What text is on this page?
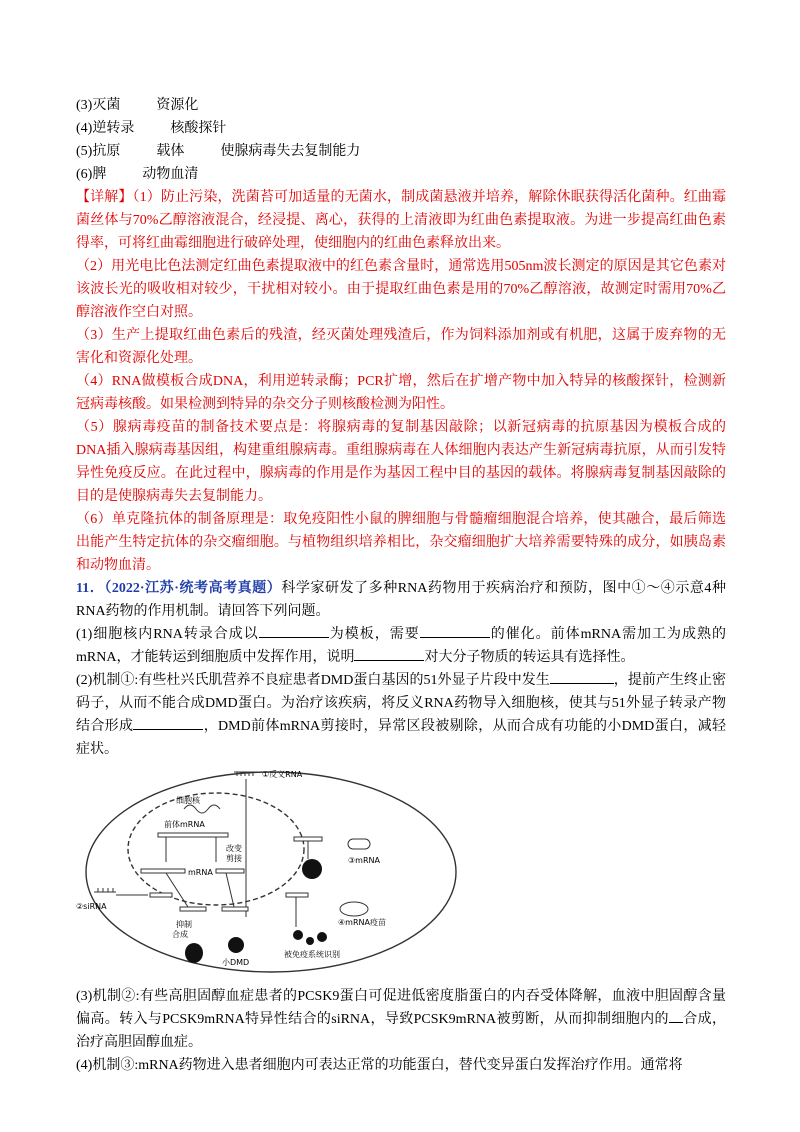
(3)灭菌	资源化
(4)逆转录	核酸探针
(5)抗原	载体	使腺病毒失去复制能力
(6)脾	动物血清

【详解】（1）防止污染，洗菌苔可加适量的无菌水，制成菌悬液并培养，解除休眠获得活化菌种。红曲霉菌丝体与70%乙醇溶液混合，经浸提、离心，获得的上清液即为红曲色素提取液。为进一步提高红曲色素得率，可将红曲霉细胞进行破碎处理，使细胞内的红曲色素释放出来。

（2）用光电比色法测定红曲色素提取液中的红色素含量时，通常选用505nm波长测定的原因是其它色素对该波长光的吸收相对较少，干扰相对较小。由于提取红曲色素是用的70%乙醇溶液，故测定时需用70%乙醇溶液作空白对照。

（3）生产上提取红曲色素后的残渣，经灭菌处理残渣后，作为饲料添加剂或有机肥，这属于废弃物的无害化和资源化处理。

（4）RNA做模板合成DNA，利用逆转录酶；PCR扩增，然后在扩增产物中加入特异的核酸探针，检测新冠病毒核酸。如果检测到特异的杂交分子则核酸检测为阳性。

（5）腺病毒疫苗的制备技术要点是：将腺病毒的复制基因敲除；以新冠病毒的抗原基因为模板合成的DNA插入腺病毒基因组，构建重组腺病毒。重组腺病毒在人体细胞内表达产生新冠病毒抗原，从而引发特异性免疫反应。在此过程中，腺病毒的作用是作为基因工程中目的基因的载体。将腺病毒复制基因敲除的目的是使腺病毒失去复制能力。

（6）单克隆抗体的制备原理是：取免疫阳性小鼠的脾细胞与骨髓瘤细胞混合培养，使其融合，最后筛选出能产生特定抗体的杂交瘤细胞。与植物组织培养相比，杂交瘤细胞扩大培养需要特殊的成分，如胰岛素和动物血清。

11．（2022·江苏·统考高考真题）科学家研发了多种RNA药物用于疾病治疗和预防，图中①～④示意4种RNA药物的作用机制。请回答下列问题。

(1)细胞核内RNA转录合成以	为模板，需要	的催化。前体mRNA需加工为成熟的mRNA，才能转运到细胞质中发挥作用，说明	对大分子物质的转运具有选择性。

(2)机制①:有些杜兴氏肌营养不良症患者DMD蛋白基因的51外显子片段中发生	，提前产生终止密码子，从而不能合成DMD蛋白。为治疗该疾病，将反义RNA药物导入细胞核，使其与51外显子转录产物结合形成	，DMD前体mRNA剪接时，异常区段被剔除，从而合成有功能的小DMD蛋白，减轻症状。

①反义RNA
细胞核
前体mRNA
改变
剪接
mRNA
②siRNA
抑制
合成
小DMD
③mRNA
④mRNA疫苗
被免疫系统识别

(3)机制②:有些高胆固醇血症患者的PCSK9蛋白可促进低密度脂蛋白的内吞受体降解，血液中胆固醇含量偏高。转入与PCSK9mRNA特异性结合的siRNA，导致PCSK9mRNA被剪断，从而抑制细胞内的 合成，治疗高胆固醇血症。

(4)机制③:mRNA药物进入患者细胞内可表达正常的功能蛋白，替代变异蛋白发挥治疗作用。通常将
